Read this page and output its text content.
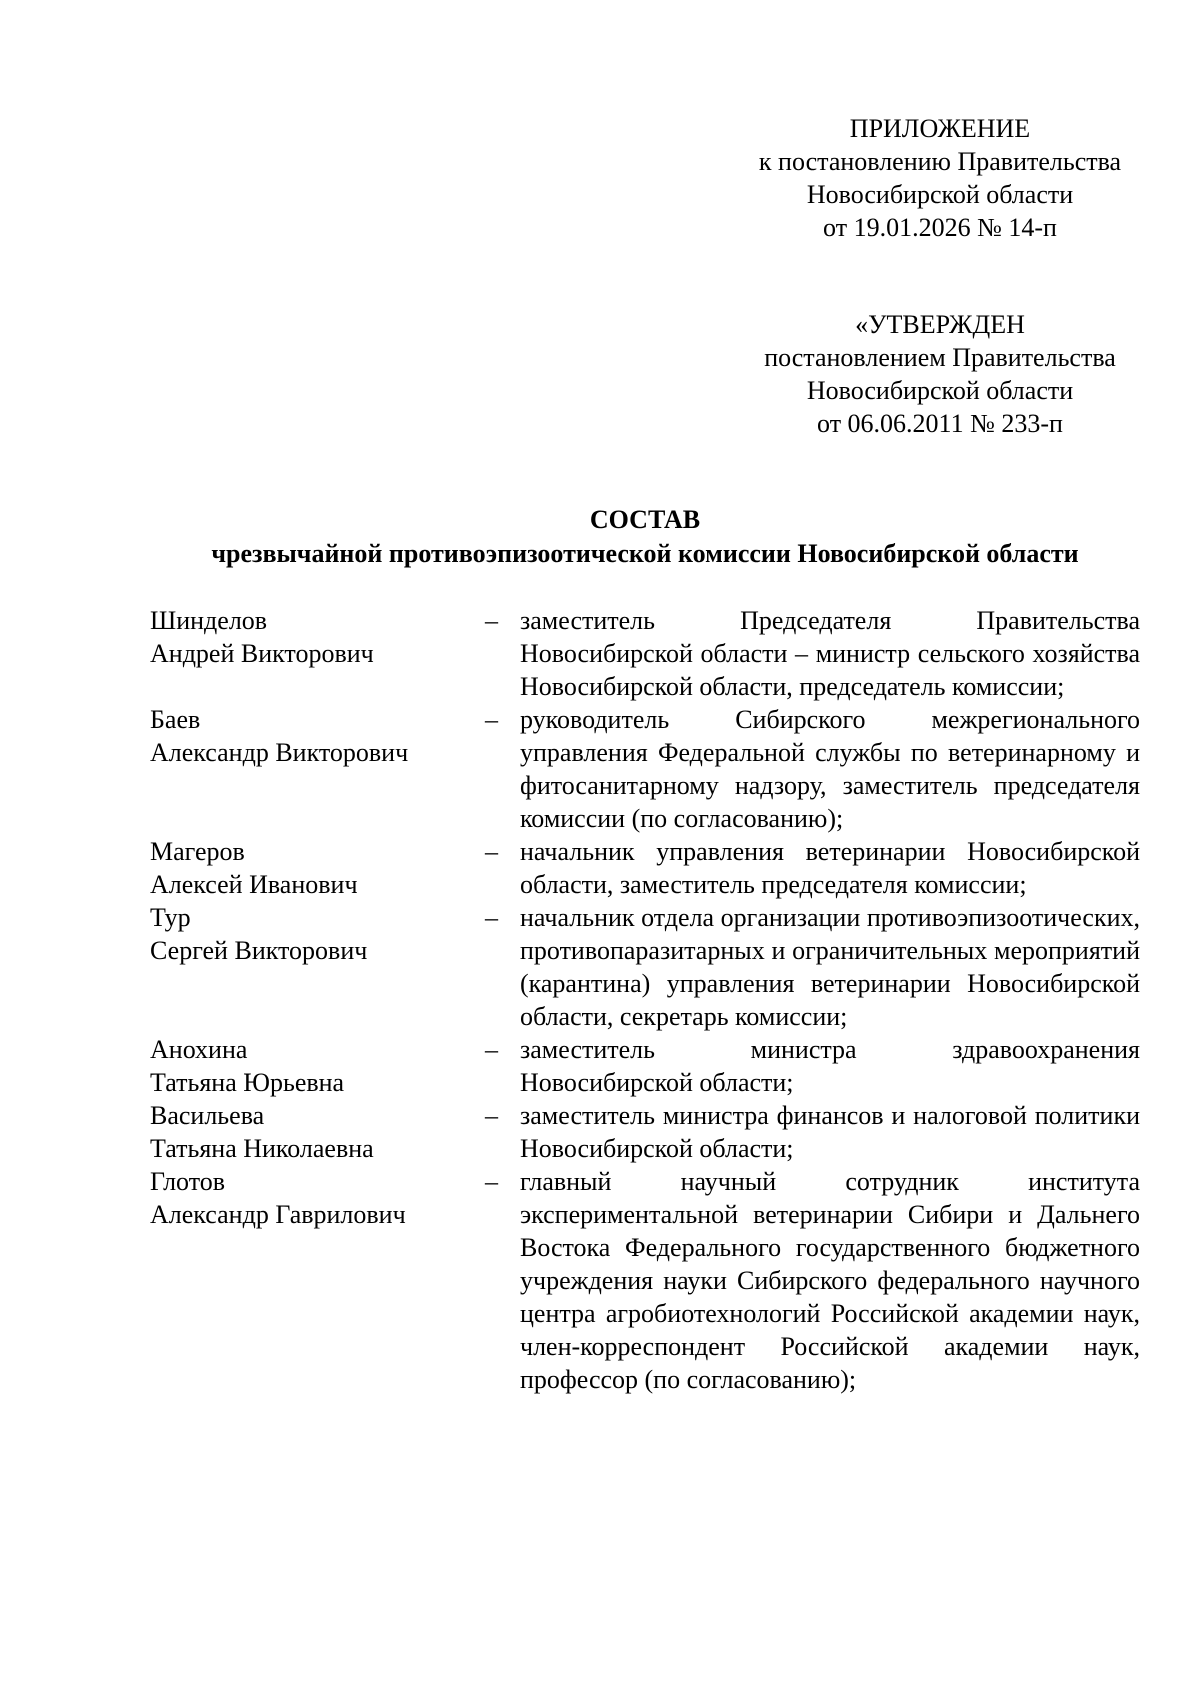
ПРИЛОЖЕНИЕ
к постановлению Правительства
Новосибирской области
от 19.01.2026 № 14-п
«УТВЕРЖДЕН
постановлением Правительства
Новосибирской области
от 06.06.2011 № 233-п
СОСТАВ
чрезвычайной противоэпизоотической комиссии Новосибирской области
Шинделов
Андрей Викторович
– заместитель Председателя Правительства Новосибирской области – министр сельского хозяйства Новосибирской области, председатель комиссии;
Баев
Александр Викторович
– руководитель Сибирского межрегионального управления Федеральной службы по ветеринарному и фитосанитарному надзору, заместитель председателя комиссии (по согласованию);
Магеров
Алексей Иванович
– начальник управления ветеринарии Новосибирской области, заместитель председателя комиссии;
Тур
Сергей Викторович
– начальник отдела организации противоэпизоотических, противопаразитарных и ограничительных мероприятий (карантина) управления ветеринарии Новосибирской области, секретарь комиссии;
Анохина
Татьяна Юрьевна
– заместитель министра здравоохранения Новосибирской области;
Васильева
Татьяна Николаевна
– заместитель министра финансов и налоговой политики Новосибирской области;
Глотов
Александр Гаврилович
– главный научный сотрудник института экспериментальной ветеринарии Сибири и Дальнего Востока Федерального государственного бюджетного учреждения науки Сибирского федерального научного центра агробиотехнологий Российской академии наук, член-корреспондент Российской академии наук, профессор (по согласованию);
